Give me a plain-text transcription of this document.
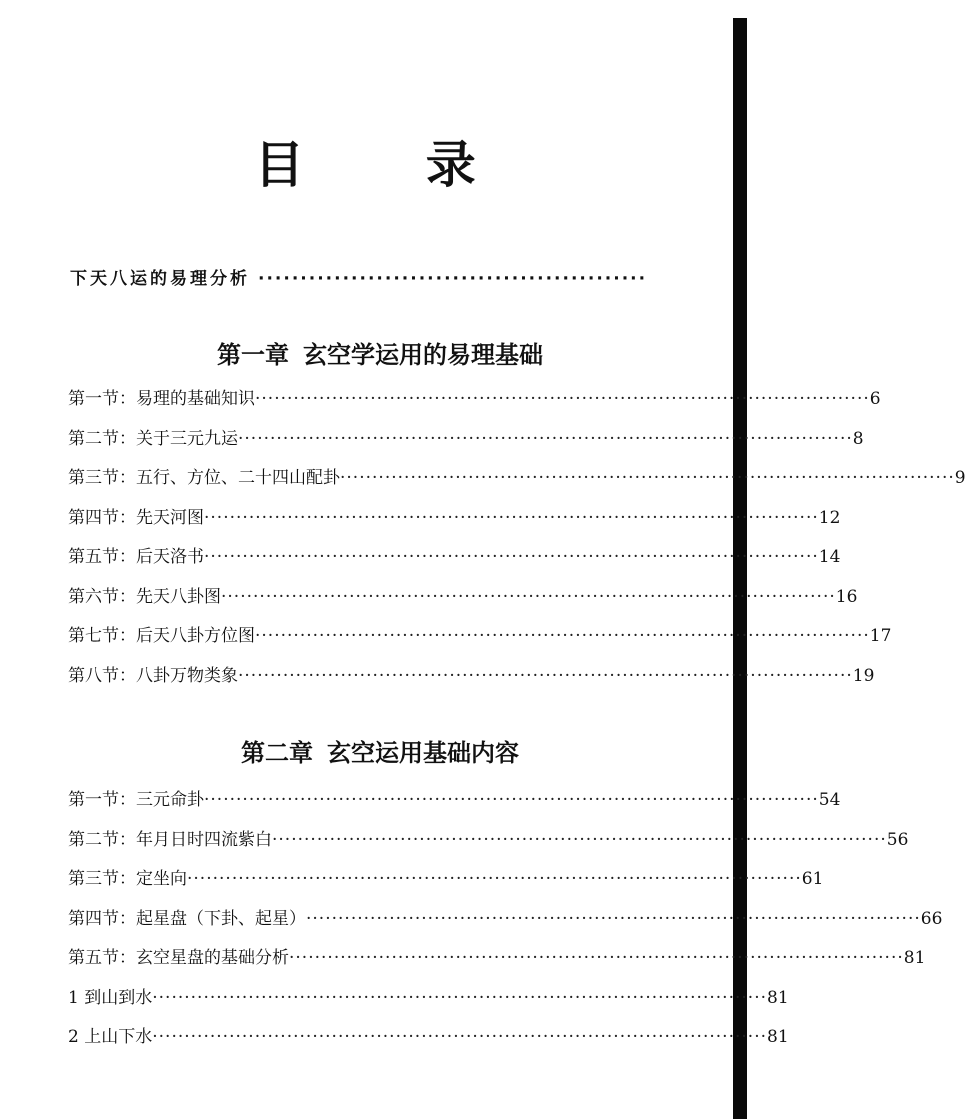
目 录
下天八运的易理分析 ··············································
第一章 玄空学运用的易理基础
第一节：易理的基础知识 ································································································ 6
第二节：关于三元九运 ································································································ 8
第三节：五行、方位、二十四山配卦 ································································································ 9
第四节：先天河图 ································································································ 12
第五节：后天洛书 ································································································ 14
第六节：先天八卦图 ································································································ 16
第七节：后天八卦方位图 ································································································ 17
第八节：八卦万物类象 ································································································ 19
第二章 玄空运用基础内容
第一节：三元命卦 ································································································ 54
第二节：年月日时四流紫白 ································································································ 56
第三节：定坐向 ································································································ 61
第四节：起星盘（下卦、起星） ································································································ 66
第五节：玄空星盘的基础分析 ································································································ 81
1 到山到水 ································································································ 81
2 上山下水 ································································································ 81
